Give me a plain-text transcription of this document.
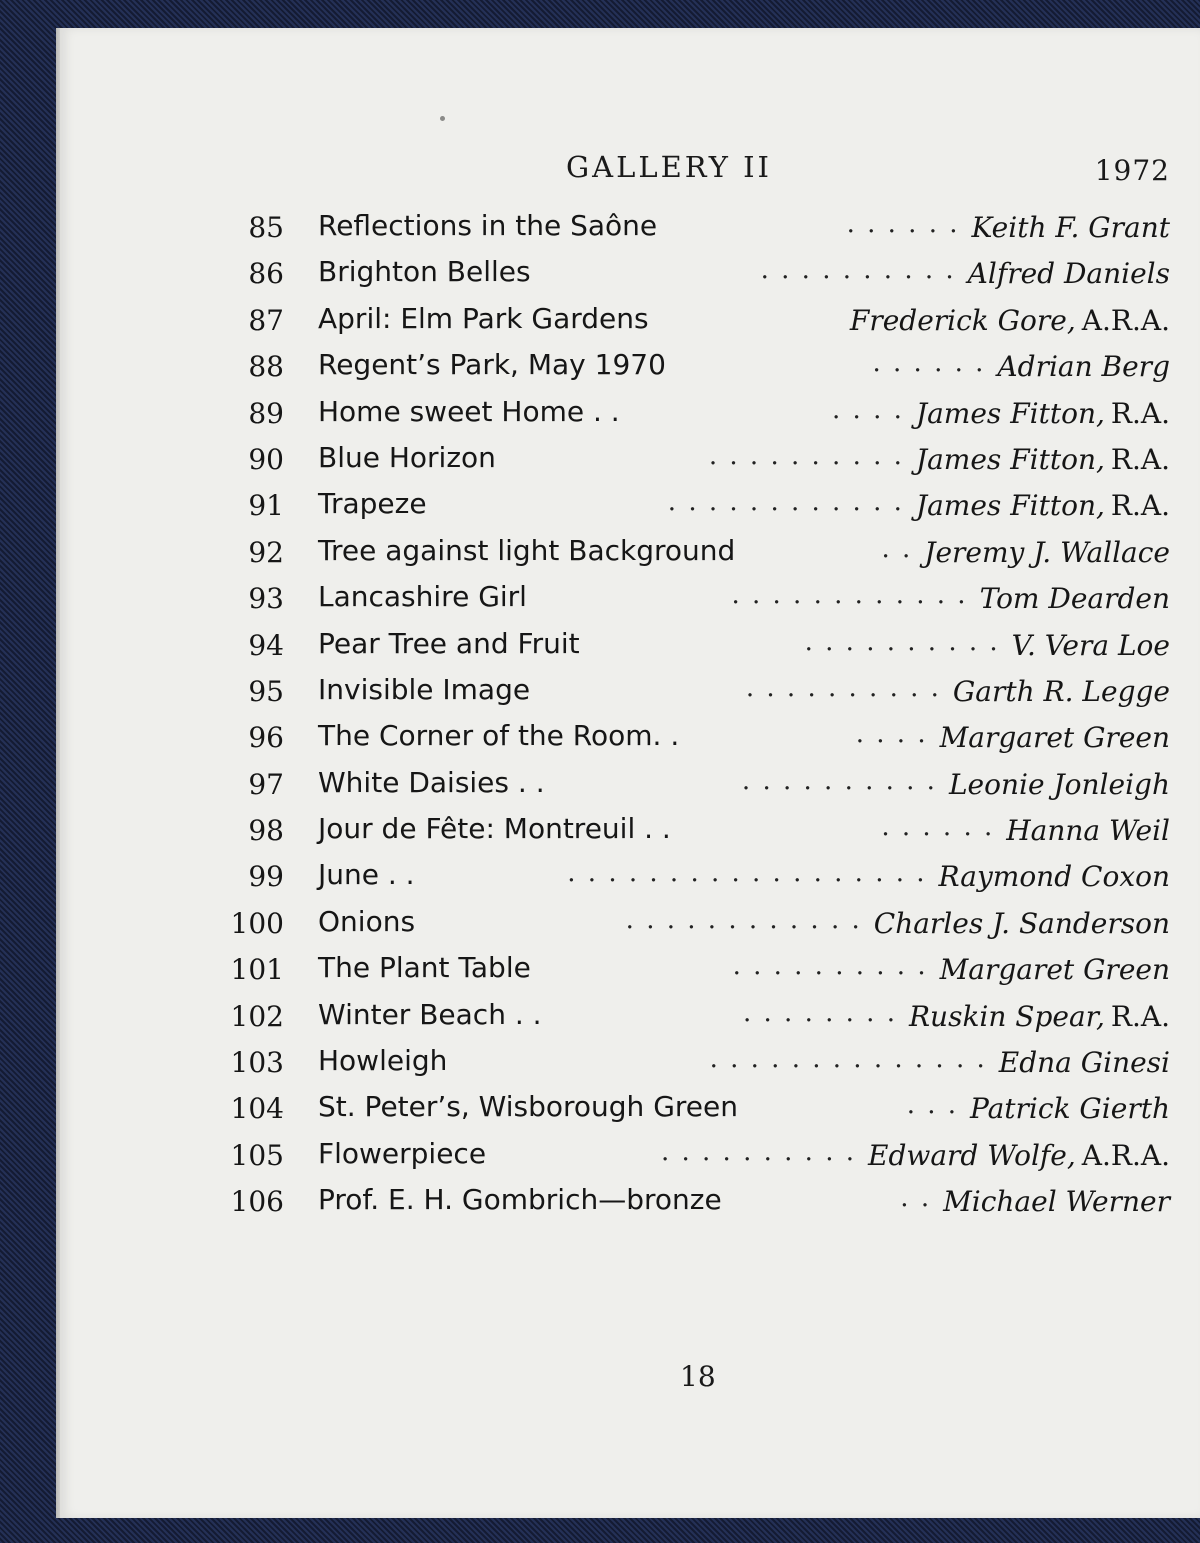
GALLERY II	1972
85 Reflections in the Saône	. . . . . . Keith F. Grant
86 Brighton Belles	. . . . . . . . . . Alfred Daniels
87 April: Elm Park Gardens	Frederick Gore, A.R.A.
88 Regent’s Park, May 1970	. . . . . . Adrian Berg
89 Home sweet Home . .	. . . . James Fitton, R.A.
90 Blue Horizon	. . . . . . . . . . James Fitton, R.A.
91 Trapeze	. . . . . . . . . . . . James Fitton, R.A.
92 Tree against light Background	. . Jeremy J. Wallace
93 Lancashire Girl	. . . . . . . . . . . . Tom Dearden
94 Pear Tree and Fruit	. . . . . . . . . . V. Vera Loe
95 Invisible Image	. . . . . . . . . . Garth R. Legge
96 The Corner of the Room. .	. . . . Margaret Green
97 White Daisies . .	. . . . . . . . . . Leonie Jonleigh
98 Jour de Fête: Montreuil . .	. . . . . . Hanna Weil
99 June . .	. . . . . . . . . . . . . . . . . . Raymond Coxon
100 Onions	. . . . . . . . . . . . Charles J. Sanderson
101 The Plant Table	. . . . . . . . . . Margaret Green
102 Winter Beach . .	. . . . . . . . Ruskin Spear, R.A.
103 Howleigh	. . . . . . . . . . . . . . Edna Ginesi
104 St. Peter’s, Wisborough Green	. . . Patrick Gierth
105 Flowerpiece	. . . . . . . . . . Edward Wolfe, A.R.A.
106 Prof. E. H. Gombrich—bronze	. . Michael Werner
18
